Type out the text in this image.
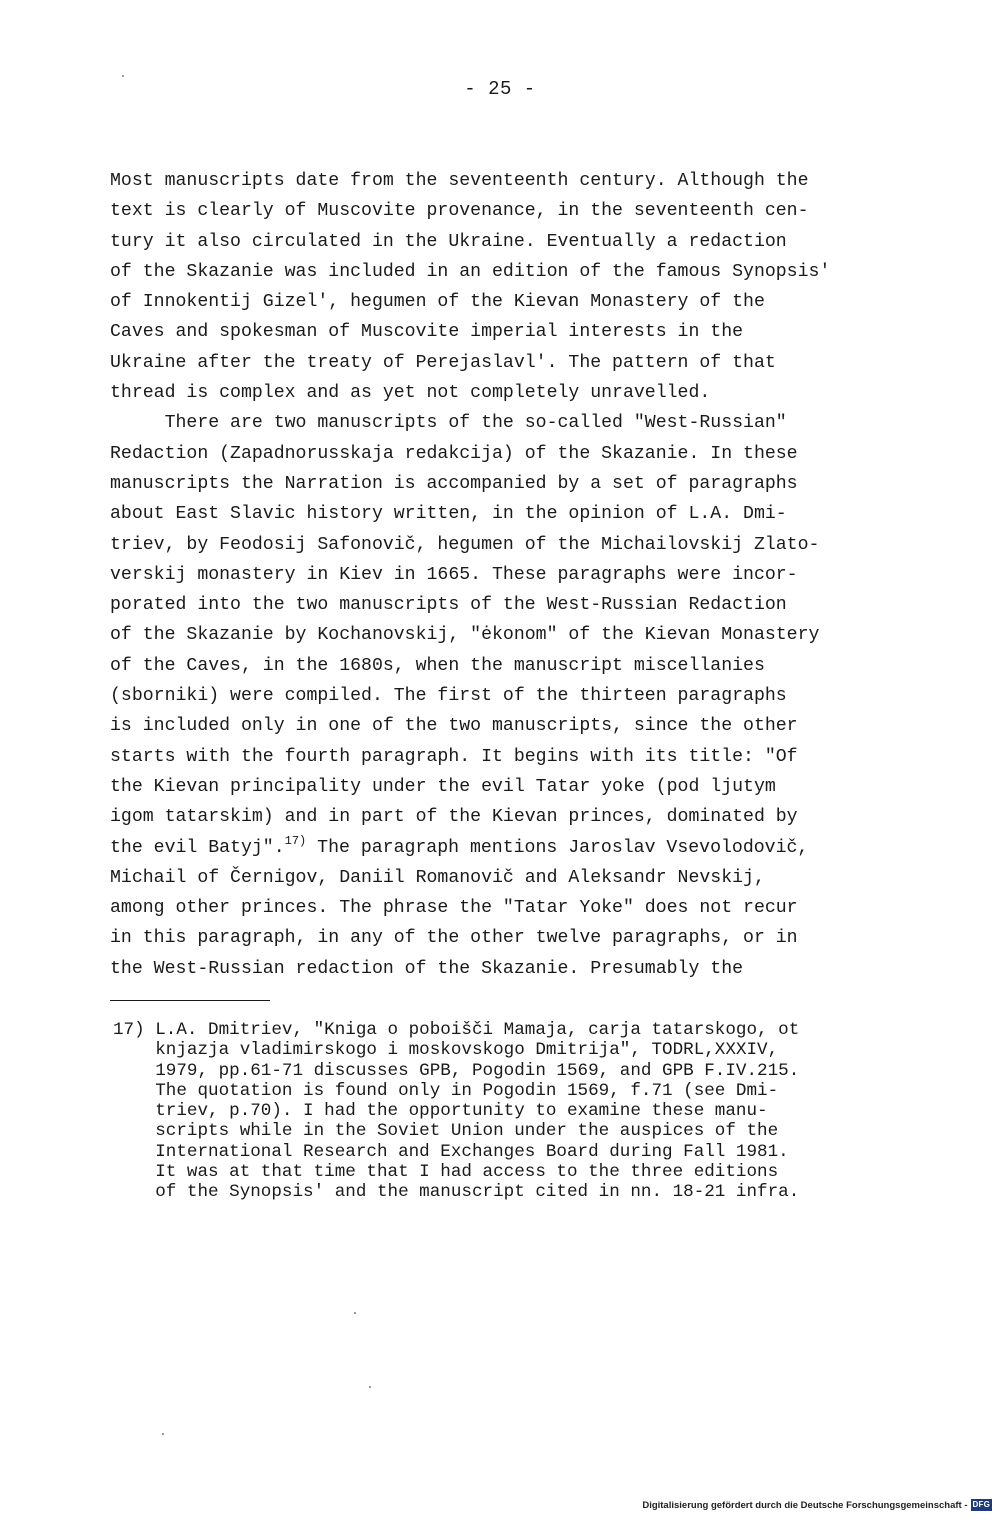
- 25 -
Most manuscripts date from the seventeenth century. Although the
text is clearly of Muscovite provenance, in the seventeenth cen-
tury it also circulated in the Ukraine. Eventually a redaction
of the Skazanie was included in an edition of the famous Synopsis'
of Innokentij Gizel', hegumen of the Kievan Monastery of the
Caves and spokesman of Muscovite imperial interests in the
Ukraine after the treaty of Perejaslavl'. The pattern of that
thread is complex and as yet not completely unravelled.
There are two manuscripts of the so-called "West-Russian"
Redaction (Zapadnorusskaja redakcija) of the Skazanie. In these
manuscripts the Narration is accompanied by a set of paragraphs
about East Slavic history written, in the opinion of L.A. Dmi-
triev, by Feodosij Safonovič, hegumen of the Michailovskij Zlato-
verskij monastery in Kiev in 1665. These paragraphs were incor-
porated into the two manuscripts of the West-Russian Redaction
of the Skazanie by Kochanovskij, "ėkonom" of the Kievan Monastery
of the Caves, in the 1680s, when the manuscript miscellanies
(sborniki) were compiled. The first of the thirteen paragraphs
is included only in one of the two manuscripts, since the other
starts with the fourth paragraph. It begins with its title: "Of
the Kievan principality under the evil Tatar yoke (pod ljutym
igom tatarskim) and in part of the Kievan princes, dominated by
the evil Batyj".$^{17)}$ The paragraph mentions Jaroslav Vsevolodovič,
Michail of Černigov, Daniil Romanovič and Aleksandr Nevskij,
among other princes. The phrase the "Tatar Yoke" does not recur
in this paragraph, in any of the other twelve paragraphs, or in
the West-Russian redaction of the Skazanie. Presumably the
17) L.A. Dmitriev, "Kniga o poboišči Mamaja, carja tatarskogo, ot
knjazja vladimirskogo i moskovskogo Dmitrija", TODRL,XXXIV,
1979, pp.61-71 discusses GPB, Pogodin 1569, and GPB F.IV.215.
The quotation is found only in Pogodin 1569, f.71 (see Dmi-
triev, p.70). I had the opportunity to examine these manu-
scripts while in the Soviet Union under the auspices of the
International Research and Exchanges Board during Fall 1981.
It was at that time that I had access to the three editions
of the Synopsis' and the manuscript cited in nn. 18-21 infra.
Digitalisierung gefördert durch die Deutsche Forschungsgemeinschaft - DFG
